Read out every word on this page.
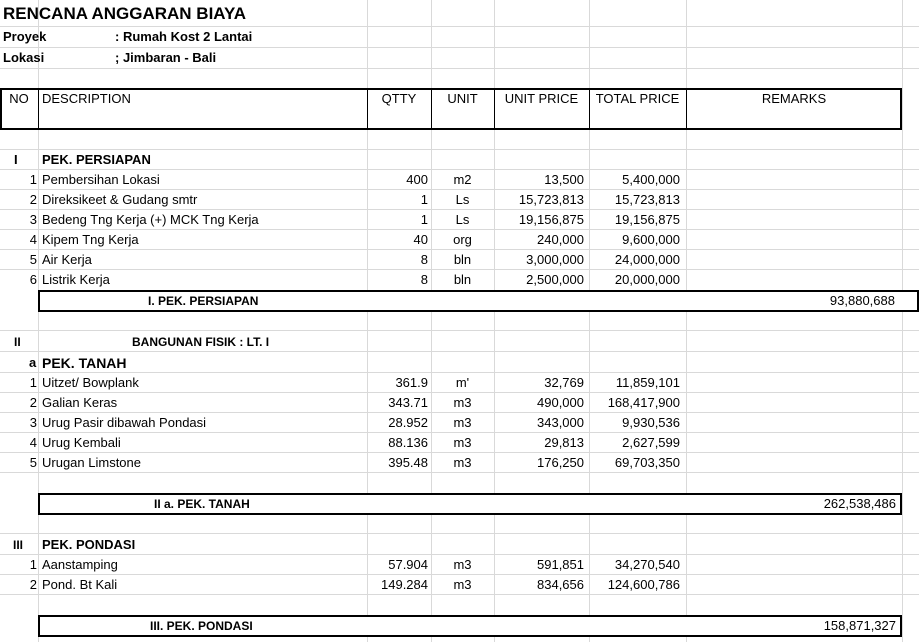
RENCANA ANGGARAN BIAYA
Proyek	: Rumah Kost 2 Lantai
Lokasi	; Jimbaran - Bali
NO	DESCRIPTION	QTTY	UNIT	UNIT PRICE	TOTAL PRICE	REMARKS
I PEK. PERSIAPAN
1 Pembersihan Lokasi	400	m2	13,500	5,400,000
2 Direksikeet & Gudang smtr	1	Ls	15,723,813	15,723,813
3 Bedeng Tng Kerja (+) MCK Tng Kerja	1	Ls	19,156,875	19,156,875
4 Kipem Tng Kerja	40	org	240,000	9,600,000
5 Air Kerja	8	bln	3,000,000	24,000,000
6 Listrik Kerja	8	bln	2,500,000	20,000,000
I. PEK. PERSIAPAN	93,880,688
II	BANGUNAN FISIK : LT. I
a PEK. TANAH
1 Uitzet/ Bowplank	361.9	m'	32,769	11,859,101
2 Galian Keras	343.71	m3	490,000	168,417,900
3 Urug Pasir dibawah Pondasi	28.952	m3	343,000	9,930,536
4 Urug Kembali	88.136	m3	29,813	2,627,599
5 Urugan Limstone	395.48	m3	176,250	69,703,350
II a. PEK. TANAH	262,538,486
III PEK. PONDASI
1 Aanstamping	57.904	m3	591,851	34,270,540
2 Pond. Bt Kali	149.284	m3	834,656	124,600,786
III. PEK. PONDASI	158,871,327
